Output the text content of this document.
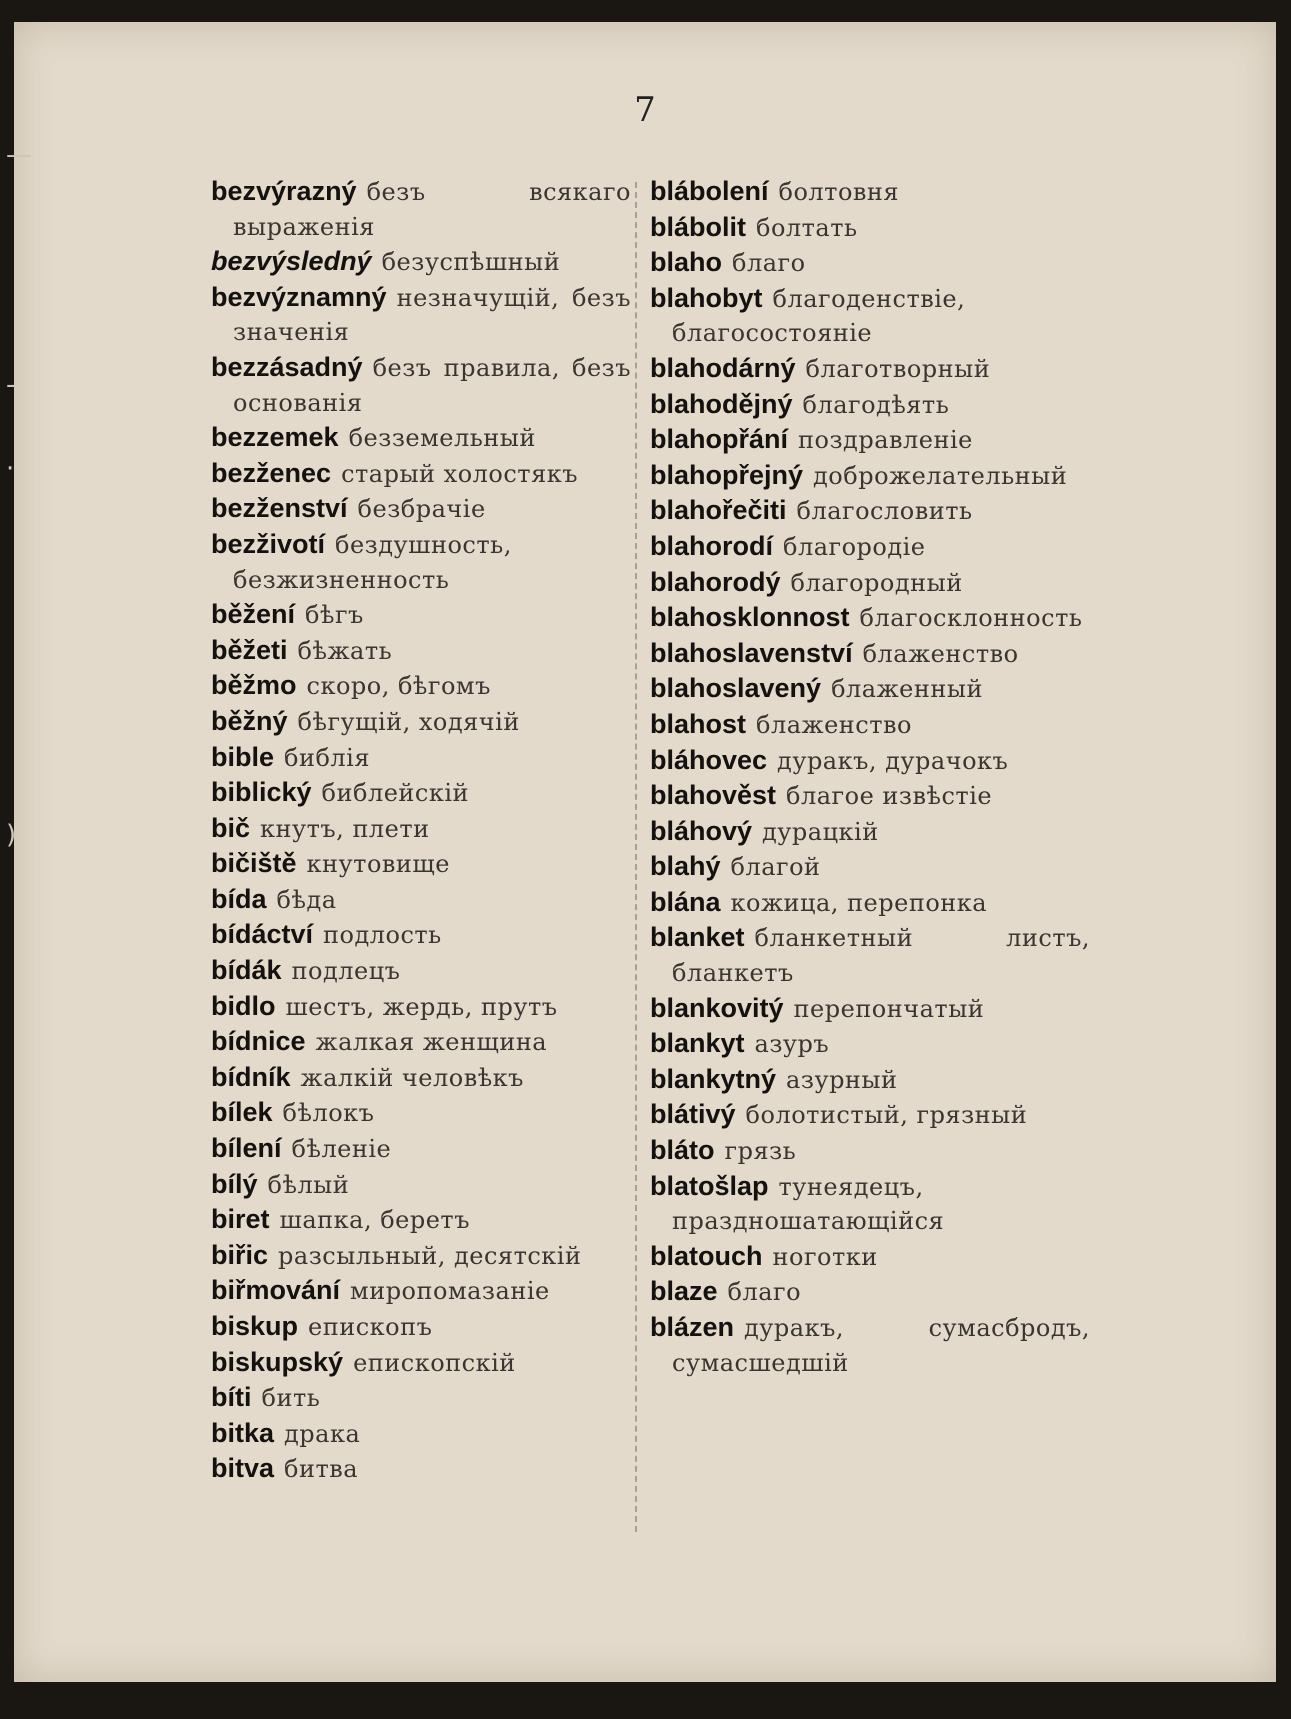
7
bezvýrazný безъ всякаго выраженія
bezvýsledný безуспѣшный
bezvýznamný незначущій, безъ значенія
bezzásadný безъ правила, безъ основанія
bezzemek безземельный
bezženec старый холостякъ
bezženství безбрачіе
bezživotí бездушность, безжизненность
běžení бѣгъ
běžeti бѣжать
běžmo скоро, бѣгомъ
běžný бѣгущій, ходячій
bible библія
biblický библейскій
bič кнутъ, плети
bičiště кнутовище
bída бѣда
bídáctví подлость
bídák подлецъ
bidlo шестъ, жердь, прутъ
bídnice жалкая женщина
bídník жалкій человѣкъ
bílek бѣлокъ
bílení бѣленіе
bílý бѣлый
biret шапка, беретъ
biřic разсыльный, десятскій
biřmování миропомазаніе
biskup епископъ
biskupský епископскій
bíti бить
bitka драка
bitva битва
blábolení болтовня
blábolit болтать
blaho благо
blahobyt благоденствіе, благосостояніе
blahodárný благотворный
blahodějný благодѣять
blahopřání поздравленіе
blahopřejný доброжелательный
blahořečiti благословить
blahorodí благородіе
blahorodý благородный
blahosklonnost благосклонность
blahoslavenství блаженство
blahoslavený блаженный
blahost блаженство
bláhovec дуракъ, дурачокъ
blahověst благое извѣстіе
bláhový дурацкій
blahý благой
blána кожица, перепонка
blanket бланкетный листъ, бланкетъ
blankovitý перепончатый
blankyt азуръ
blankytný азурный
blátivý болотистый, грязный
bláto грязь
blatošlap тунеядецъ, праздношатающійся
blatouch ноготки
blaze благо
blázen дуракъ, сумасбродъ, сумасшедшій
—
-
·
)
